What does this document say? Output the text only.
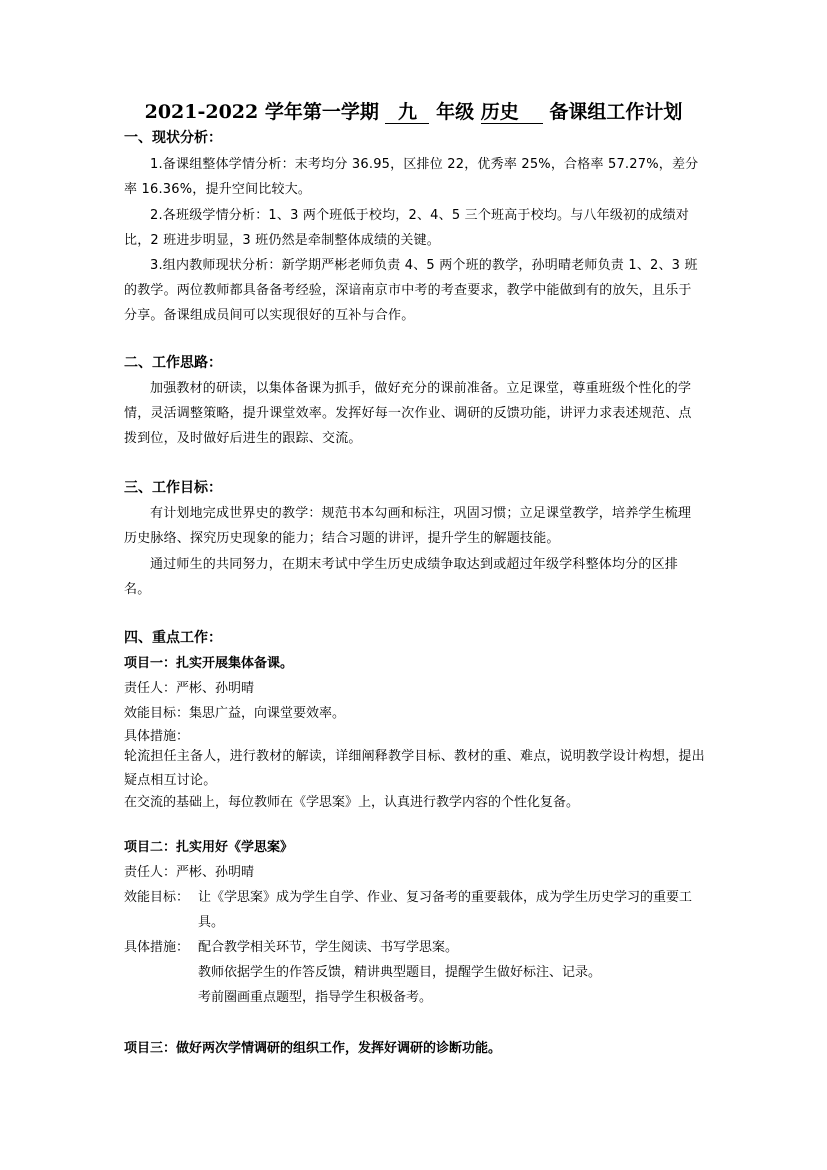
2021-2022 学年第一学期 九 年级 历史 备课组工作计划
一、现状分析：
1.备课组整体学情分析：末考均分 36.95，区排位 22，优秀率 25%，合格率 57.27%，差分率 16.36%，提升空间比较大。
2.各班级学情分析：1、3 两个班低于校均，2、4、5 三个班高于校均。与八年级初的成绩对比，2 班进步明显，3 班仍然是牵制整体成绩的关键。
3.组内教师现状分析：新学期严彬老师负责 4、5 两个班的教学，孙明晴老师负责 1、2、3 班的教学。两位教师都具备备考经验，深谙南京市中考的考查要求，教学中能做到有的放矢，且乐于分享。备课组成员间可以实现很好的互补与合作。
二、工作思路：
加强教材的研读，以集体备课为抓手，做好充分的课前准备。立足课堂，尊重班级个性化的学情，灵活调整策略，提升课堂效率。发挥好每一次作业、调研的反馈功能，讲评力求表述规范、点拨到位，及时做好后进生的跟踪、交流。
三、工作目标：
有计划地完成世界史的教学：规范书本勾画和标注，巩固习惯；立足课堂教学，培养学生梳理历史脉络、探究历史现象的能力；结合习题的讲评，提升学生的解题技能。
通过师生的共同努力，在期末考试中学生历史成绩争取达到或超过年级学科整体均分的区排名。
四、重点工作：
项目一：扎实开展集体备课。
责任人：严彬、孙明晴
效能目标：集思广益，向课堂要效率。
具体措施：
轮流担任主备人，进行教材的解读，详细阐释教学目标、教材的重、难点，说明教学设计构想，提出疑点相互讨论。
在交流的基础上，每位教师在《学思案》上，认真进行教学内容的个性化复备。
项目二：扎实用好《学思案》
责任人：严彬、孙明晴
效能目标： 让《学思案》成为学生自学、作业、复习备考的重要载体，成为学生历史学习的重要工具。
具体措施： 配合教学相关环节，学生阅读、书写学思案。
教师依据学生的作答反馈，精讲典型题目，提醒学生做好标注、记录。
考前圈画重点题型，指导学生积极备考。
项目三：做好两次学情调研的组织工作，发挥好调研的诊断功能。
